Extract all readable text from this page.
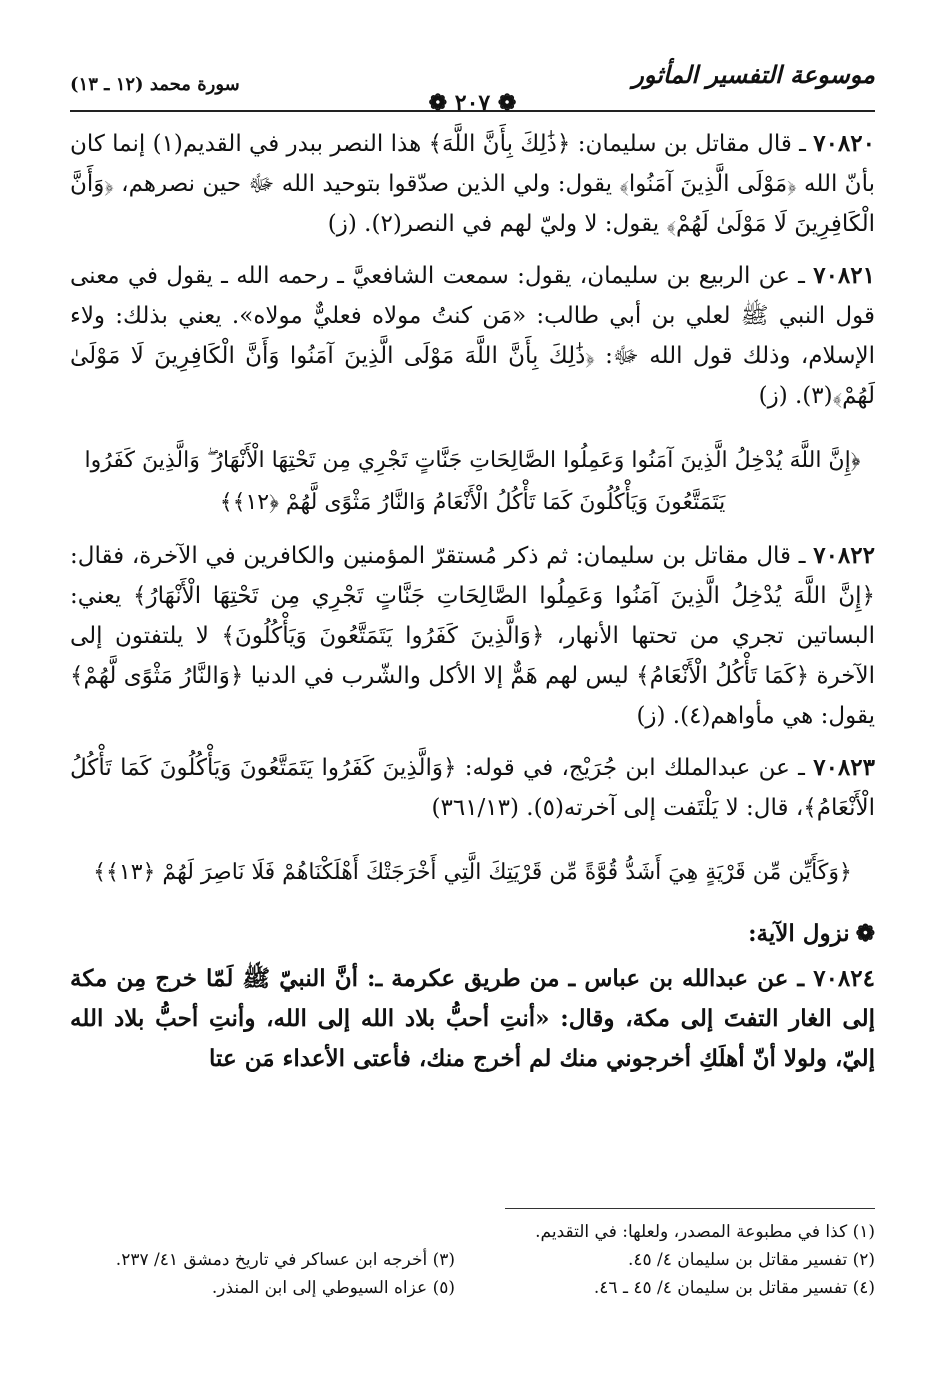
موسوعة التفسير المأثور
سورة محمد (١٢ ـ ١٣)
❁ ٢٠٧ ❁

٧٠٨٢٠ ـ قال مقاتل بن سليمان: ﴿ذَٰلِكَ بِأَنَّ اللَّهَ﴾ هذا النصر ببدر في القديم(١) إنما كان بأنّ الله ﴿مَوْلَى الَّذِينَ آمَنُوا﴾ يقول: ولي الذين صدّقوا بتوحيد الله ﷻ حين نصرهم، ﴿وَأَنَّ الْكَافِرِينَ لَا مَوْلَىٰ لَهُمْ﴾ يقول: لا وليّ لهم في النصر(٢). (ز)

٧٠٨٢١ ـ عن الربيع بن سليمان، يقول: سمعت الشافعيَّ ـ رحمه الله ـ يقول في معنى قول النبي ﷺ لعلي بن أبي طالب: «مَن كنتُ مولاه فعليٌّ مولاه». يعني بذلك: ولاء الإسلام، وذلك قول الله ﷻ: ﴿ذَٰلِكَ بِأَنَّ اللَّهَ مَوْلَى الَّذِينَ آمَنُوا وَأَنَّ الْكَافِرِينَ لَا مَوْلَىٰ لَهُمْ﴾(٣). (ز)

﴿إِنَّ اللَّهَ يُدْخِلُ الَّذِينَ آمَنُوا وَعَمِلُوا الصَّالِحَاتِ جَنَّاتٍ تَجْرِي مِن تَحْتِهَا الْأَنْهَارُ ۖ وَالَّذِينَ كَفَرُوا يَتَمَتَّعُونَ وَيَأْكُلُونَ كَمَا تَأْكُلُ الْأَنْعَامُ وَالنَّارُ مَثْوًى لَّهُمْ ﴿١٢﴾﴾

٧٠٨٢٢ ـ قال مقاتل بن سليمان: ثم ذكر مُستقرّ المؤمنين والكافرين في الآخرة، فقال: ﴿إِنَّ اللَّهَ يُدْخِلُ الَّذِينَ آمَنُوا وَعَمِلُوا الصَّالِحَاتِ جَنَّاتٍ تَجْرِي مِن تَحْتِهَا الْأَنْهَارُ﴾ يعني: البساتين تجري من تحتها الأنهار، ﴿وَالَّذِينَ كَفَرُوا يَتَمَتَّعُونَ وَيَأْكُلُونَ﴾ لا يلتفتون إلى الآخرة ﴿كَمَا تَأْكُلُ الْأَنْعَامُ﴾ ليس لهم هَمٌّ إلا الأكل والشّرب في الدنيا ﴿وَالنَّارُ مَثْوًى لَّهُمْ﴾ يقول: هي مأواهم(٤). (ز)

٧٠٨٢٣ ـ عن عبدالملك ابن جُرَيْج، في قوله: ﴿وَالَّذِينَ كَفَرُوا يَتَمَتَّعُونَ وَيَأْكُلُونَ كَمَا تَأْكُلُ الْأَنْعَامُ﴾، قال: لا يَلْتَفت إلى آخرته(٥). (٣٦١/١٣)

﴿وَكَأَيِّن مِّن قَرْيَةٍ هِيَ أَشَدُّ قُوَّةً مِّن قَرْيَتِكَ الَّتِي أَخْرَجَتْكَ أَهْلَكْنَاهُمْ فَلَا نَاصِرَ لَهُمْ ﴿١٣﴾﴾
❁نزول الآية:

٧٠٨٢٤ ـ عن عبدالله بن عباس ـ من طريق عكرمة ـ: أنَّ النبيّ ﷺ لَمّا خرج مِن مكة إلى الغار التفتَ إلى مكة، وقال: «أنتِ أحبُّ بلاد الله إلى الله، وأنتِ أحبُّ بلاد الله إليّ، ولولا أنّ أهلَكِ أخرجوني منك لم أخرج منك، فأعتى الأعداء مَن عتا

(١) كذا في مطبوعة المصدر، ولعلها: في التقديم.
(٢) تفسير مقاتل بن سليمان ٤/ ٤٥.
(٣) أخرجه ابن عساكر في تاريخ دمشق ٤١/ ٢٣٧.
(٤) تفسير مقاتل بن سليمان ٤/ ٤٥ ـ ٤٦.
(٥) عزاه السيوطي إلى ابن المنذر.
